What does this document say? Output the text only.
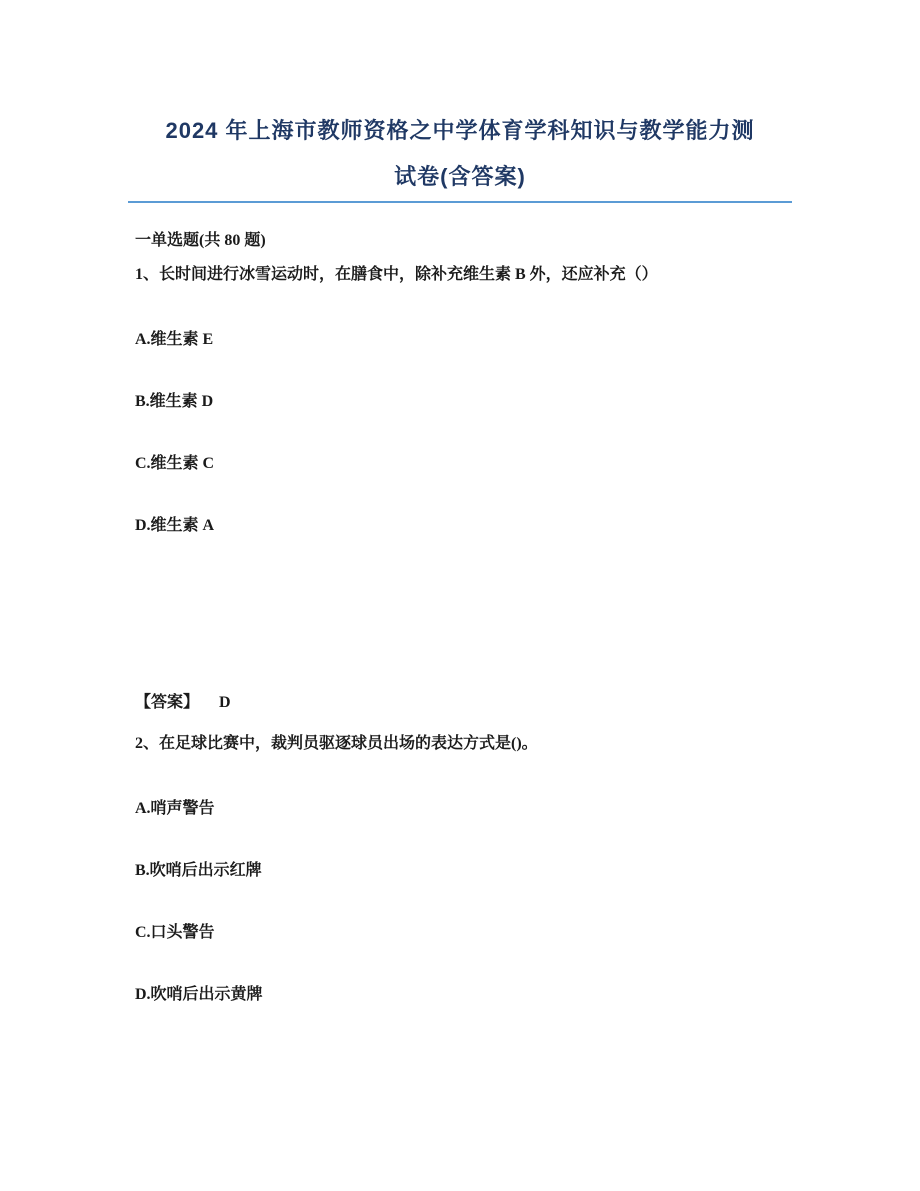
2024 年上海市教师资格之中学体育学科知识与教学能力测
试卷(含答案)
一单选题(共 80 题)
1、长时间进行冰雪运动时，在膳食中，除补充维生素 B 外，还应补充（）
A.维生素 E
B.维生素 D
C.维生素 C
D.维生素 A
【答案】 D
2、在足球比赛中，裁判员驱逐球员出场的表达方式是()。
A.哨声警告
B.吹哨后出示红牌
C.口头警告
D.吹哨后出示黄牌
